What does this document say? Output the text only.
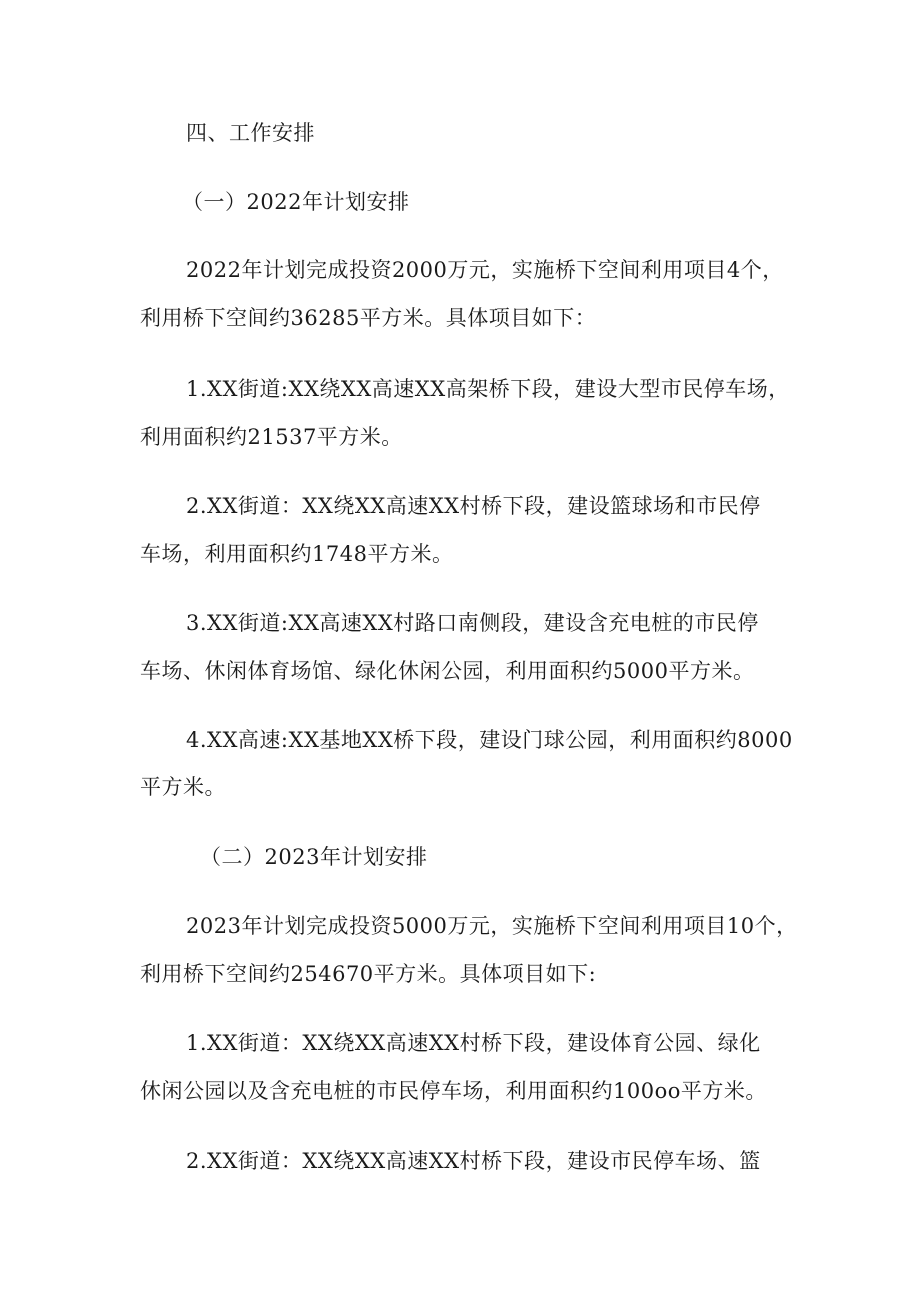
四、工作安排
（一）2022年计划安排
2022年计划完成投资2000万元，实施桥下空间利用项目4个，
利用桥下空间约36285平方米。具体项目如下：
1.XX街道:XX绕XX高速XX高架桥下段，建设大型市民停车场，
利用面积约21537平方米。
2.XX街道：XX绕XX高速XX村桥下段，建设篮球场和市民停
车场，利用面积约1748平方米。
3.XX街道:XX高速XX村路口南侧段，建设含充电桩的市民停
车场、休闲体育场馆、绿化休闲公园，利用面积约5000平方米。
4.XX高速:XX基地XX桥下段，建设门球公园，利用面积约8000
平方米。
（二）2023年计划安排
2023年计划完成投资5000万元，实施桥下空间利用项目10个，
利用桥下空间约254670平方米。具体项目如下:
1.XX街道：XX绕XX高速XX村桥下段，建设体育公园、绿化
休闲公园以及含充电桩的市民停车场，利用面积约100oo平方米。
2.XX街道：XX绕XX高速XX村桥下段，建设市民停车场、篮
